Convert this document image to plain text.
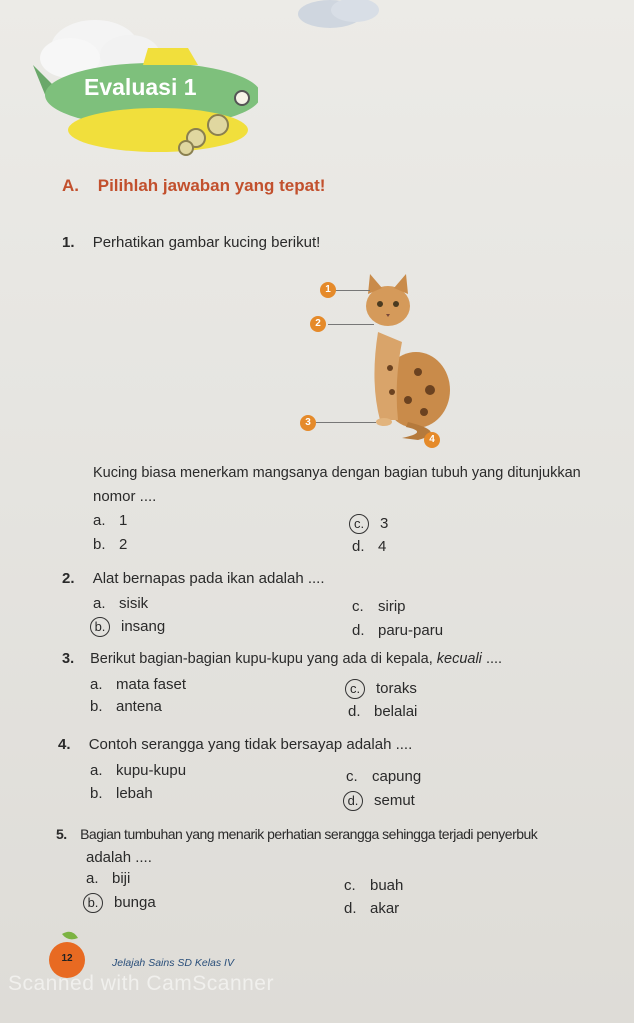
Evaluasi 1
A. Pilihlah jawaban yang tepat!
1. Perhatikan gambar kucing berikut!
1
2
3
4
Kucing biasa menerkam mangsanya dengan bagian tubuh yang ditunjukkan
nomor ....
a. 1
b. 2
c. 3
d. 4
2. Alat bernapas pada ikan adalah ....
a. sisik
b. insang
c. sirip
d. paru-paru
3. Berikut bagian-bagian kupu-kupu yang ada di kepala, kecuali ....
a. mata faset
b. antena
c. toraks
d. belalai
4. Contoh serangga yang tidak bersayap adalah ....
a. kupu-kupu
b. lebah
c. capung
d. semut
5. Bagian tumbuhan yang menarik perhatian serangga sehingga terjadi penyerbuk
adalah ....
a. biji
b. bunga
c. buah
d. akar
12	Jelajah Sains SD Kelas IV
Scanned with CamScanner
